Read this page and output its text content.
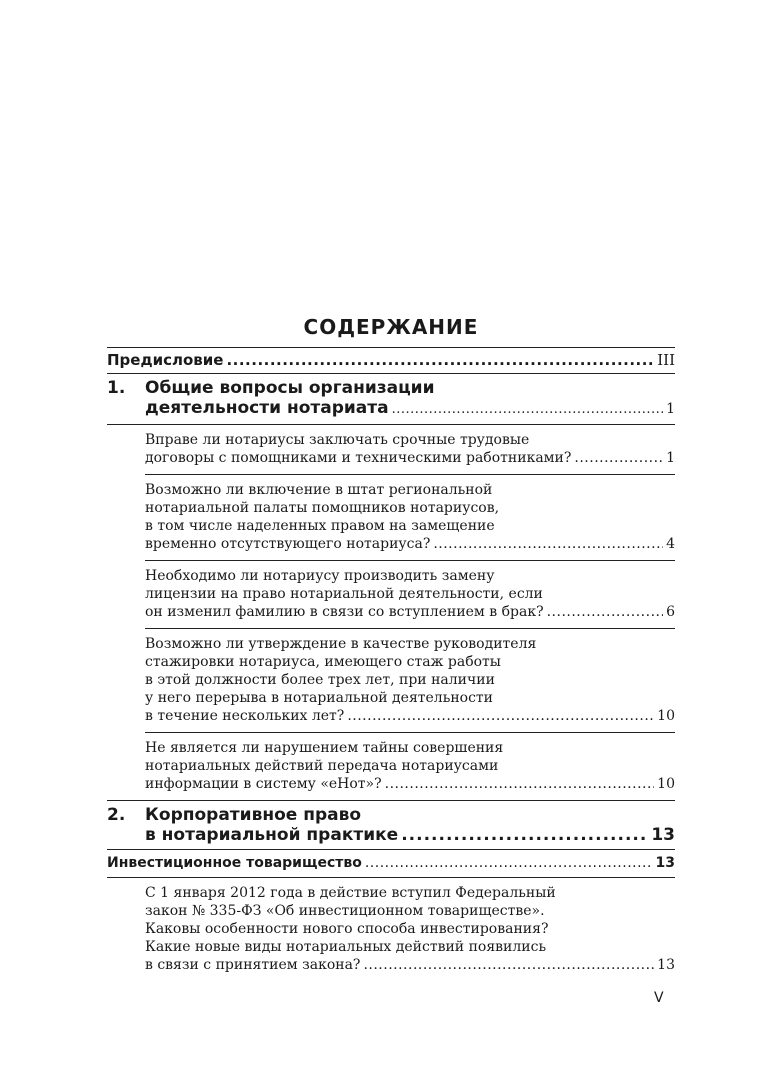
СОДЕРЖАНИЕ
Предисловие .....	III
1. Общие вопросы организации
деятельности нотариата .....	1
Вправе ли нотариусы заключать срочные трудовые
договоры с помощниками и техническими работниками? .....	1
Возможно ли включение в штат региональной
нотариальной палаты помощников нотариусов,
в том числе наделенных правом на замещение
временно отсутствующего нотариуса? .....	4
Необходимо ли нотариусу производить замену
лицензии на право нотариальной деятельности, если
он изменил фамилию в связи со вступлением в брак? .....	6
Возможно ли утверждение в качестве руководителя
стажировки нотариуса, имеющего стаж работы
в этой должности более трех лет, при наличии
у него перерыва в нотариальной деятельности
в течение нескольких лет? .....	10
Не является ли нарушением тайны совершения
нотариальных действий передача нотариусами
информации в систему «еНот»? .....	10
2. Корпоративное право
в нотариальной практике .....	13
Инвестиционное товарищество .....	13
С 1 января 2012 года в действие вступил Федеральный
закон № 335-ФЗ «Об инвестиционном товариществе».
Каковы особенности нового способа инвестирования?
Какие новые виды нотариальных действий появились
в связи с принятием закона? .....	13
V
